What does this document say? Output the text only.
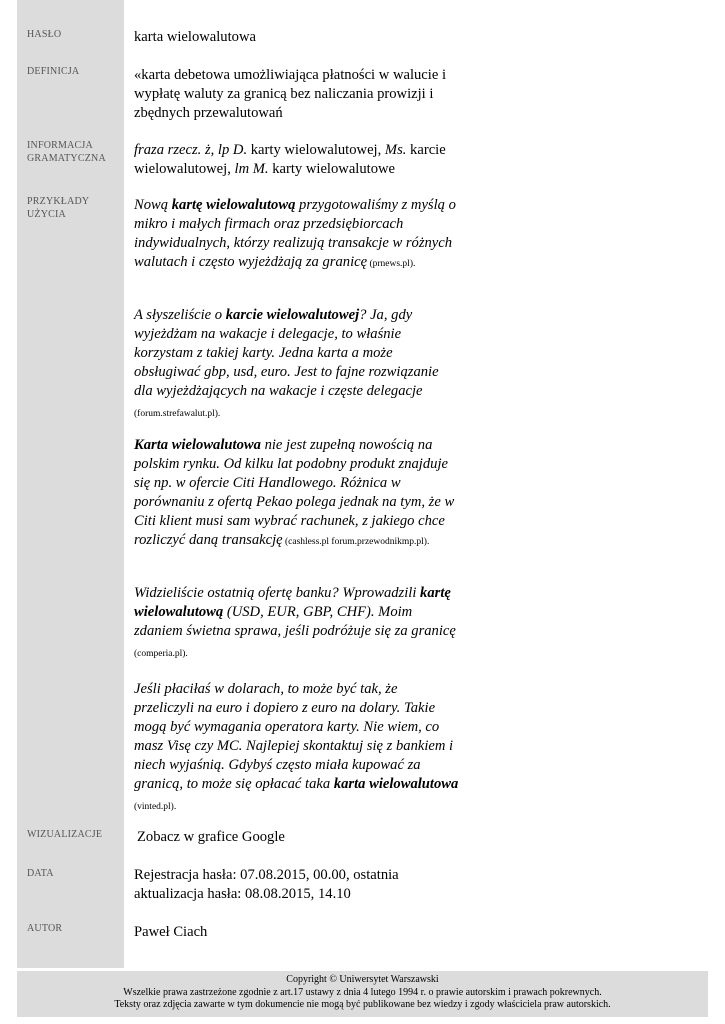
HASŁO
DEFINICJA
INFORMACJA GRAMATYCZNA
PRZYKŁADY UŻYCIA
WIZUALIZACJE
DATA
AUTOR
karta wielowalutowa
«karta debetowa umożliwiająca płatności w walucie i wypłatę waluty za granicą bez naliczania prowizji i zbędnych przewalutowań
fraza rzecz. ż, lp D. karty wielowalutowej, Ms. karcie wielowalutowej, lm M. karty wielowalutowe
Nową kartę wielowalutową przygotowaliśmy z myślą o mikro i małych firmach oraz przedsiębiorcach indywidualnych, którzy realizują transakcje w różnych walutach i często wyjeżdżają za granicę (prnews.pl).
A słyszeliście o karcie wielowalutowej? Ja, gdy wyjeżdżam na wakacje i delegacje, to właśnie korzystam z takiej karty. Jedna karta a może obsługiwać gbp, usd, euro. Jest to fajne rozwiązanie dla wyjeżdżających na wakacje i częste delegacje (forum.strefawalut.pl).
Karta wielowalutowa nie jest zupełną nowością na polskim rynku. Od kilku lat podobny produkt znajduje się np. w ofercie Citi Handlowego. Różnica w porównaniu z ofertą Pekao polega jednak na tym, że w Citi klient musi sam wybrać rachunek, z jakiego chce rozliczyć daną transakcję (cashless.pl forum.przewodnikmp.pl).
Widzieliście ostatnią ofertę banku? Wprowadzili kartę wielowalutową (USD, EUR, GBP, CHF). Moim zdaniem świetna sprawa, jeśli podróżuje się za granicę (comperia.pl).
Jeśli płaciłaś w dolarach, to może być tak, że przeliczyli na euro i dopiero z euro na dolary. Takie mogą być wymagania operatora karty. Nie wiem, co masz Visę czy MC. Najlepiej skontaktuj się z bankiem i niech wyjaśnią. Gdybyś często miała kupować za granicą, to może się opłacać taka karta wielowalutowa (vinted.pl).
Zobacz w grafice Google
Rejestracja hasła: 07.08.2015, 00.00, ostatnia aktualizacja hasła: 08.08.2015, 14.10
Paweł Ciach
Copyright © Uniwersytet Warszawski
Wszelkie prawa zastrzeżone zgodnie z art.17 ustawy z dnia 4 lutego 1994 r. o prawie autorskim i prawach pokrewnych.
Teksty oraz zdjęcia zawarte w tym dokumencie nie mogą być publikowane bez wiedzy i zgody właściciela praw autorskich.
